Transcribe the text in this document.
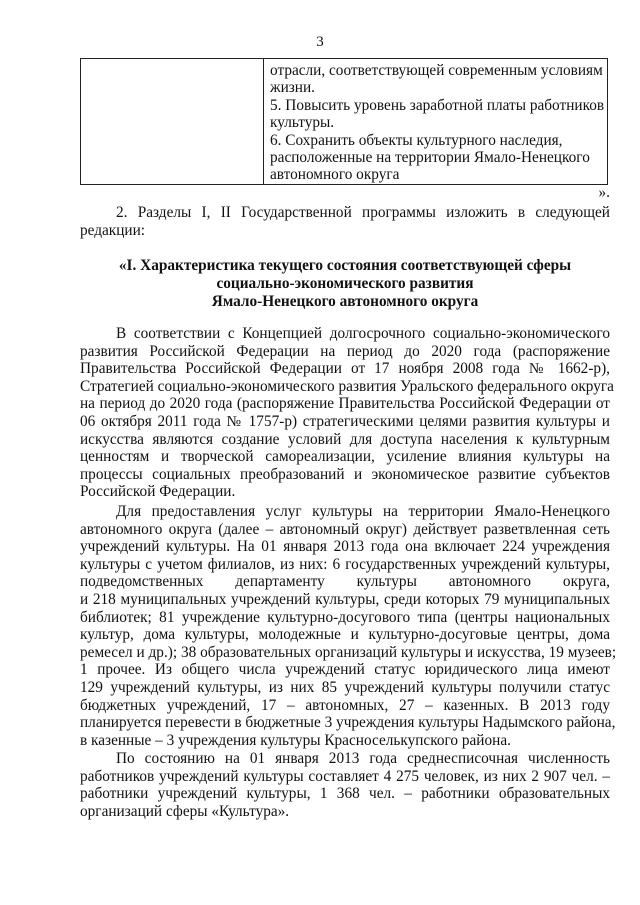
3

отрасли, соответствующей современным условиям
жизни.
5. Повысить уровень заработной платы работников
культуры.
6. Сохранить объекты культурного наследия,
расположенные на территории Ямало-Ненецкого
автономного округа
».
2. Разделы I, II Государственной программы изложить в следующей
редакции:
«I. Характеристика текущего состояния соответствующей сферы
социально-экономического развития
Ямало-Ненецкого автономного округа
В соответствии с Концепцией долгосрочного социально-экономического
развития Российской Федерации на период до 2020 года (распоряжение
Правительства Российской Федерации от 17 ноября 2008 года № 1662-р),
Стратегией социально-экономического развития Уральского федерального округа
на период до 2020 года (распоряжение Правительства Российской Федерации от
06 октября 2011 года № 1757-р) стратегическими целями развития культуры и
искусства являются создание условий для доступа населения к культурным
ценностям и творческой самореализации, усиление влияния культуры на
процессы социальных преобразований и экономическое развитие субъектов
Российской Федерации.
Для предоставления услуг культуры на территории Ямало-Ненецкого
автономного округа (далее – автономный округ) действует разветвленная сеть
учреждений культуры. На 01 января 2013 года она включает 224 учреждения
культуры с учетом филиалов, из них: 6 государственных учреждений культуры,
подведомственных департаменту культуры автономного округа,
и 218 муниципальных учреждений культуры, среди которых 79 муниципальных
библиотек; 81 учреждение культурно-досугового типа (центры национальных
культур, дома культуры, молодежные и культурно-досуговые центры, дома
ремесел и др.); 38 образовательных организаций культуры и искусства, 19 музеев;
1 прочее. Из общего числа учреждений статус юридического лица имеют
129 учреждений культуры, из них 85 учреждений культуры получили статус
бюджетных учреждений, 17 – автономных, 27 – казенных. В 2013 году
планируется перевести в бюджетные 3 учреждения культуры Надымского района,
в казенные – 3 учреждения культуры Красноселькупского района.
По состоянию на 01 января 2013 года среднесписочная численность
работников учреждений культуры составляет 4 275 человек, из них 2 907 чел. –
работники учреждений культуры, 1 368 чел. – работники образовательных
организаций сферы «Культура».
